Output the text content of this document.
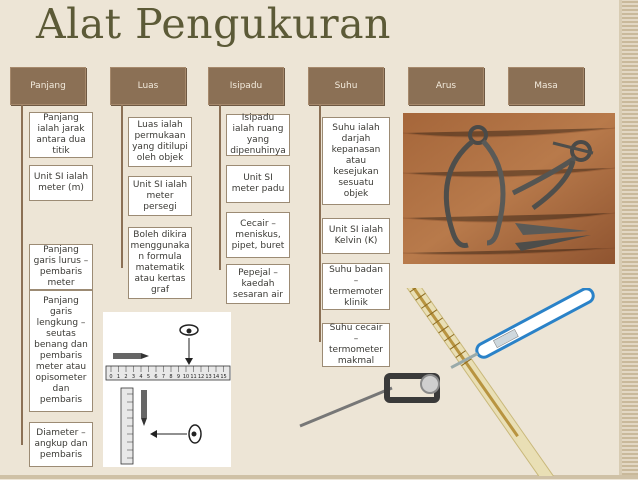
Alat Pengukuran
Panjang	Luas	Isipadu	Suhu	Arus	Masa
Panjang ialah jarak antara dua titik
Unit SI ialah meter (m)
Panjang garis lurus – pembaris meter
Panjang garis lengkung – seutas benang dan pembaris meter atau opisometer dan pembaris
Diameter – angkup dan pembaris
Luas ialah permukaan yang ditilupi oleh objek
Unit SI ialah meter persegi
Boleh dikira menggunaka n formula matematik atau kertas graf
Isipadu ialah ruang yang dipenuhinya
Unit SI meter padu
Cecair – meniskus, pipet, buret
Pepejal – kaedah sesaran air
Suhu ialah darjah kepanasan atau kesejukan sesuatu objek
Unit SI ialah Kelvin (K)
Suhu badan – termemoter klinik
Suhu cecair – termometer makmal
0 1 2 3 4 5 6 7 8 9 10 11 12 13 14 15
